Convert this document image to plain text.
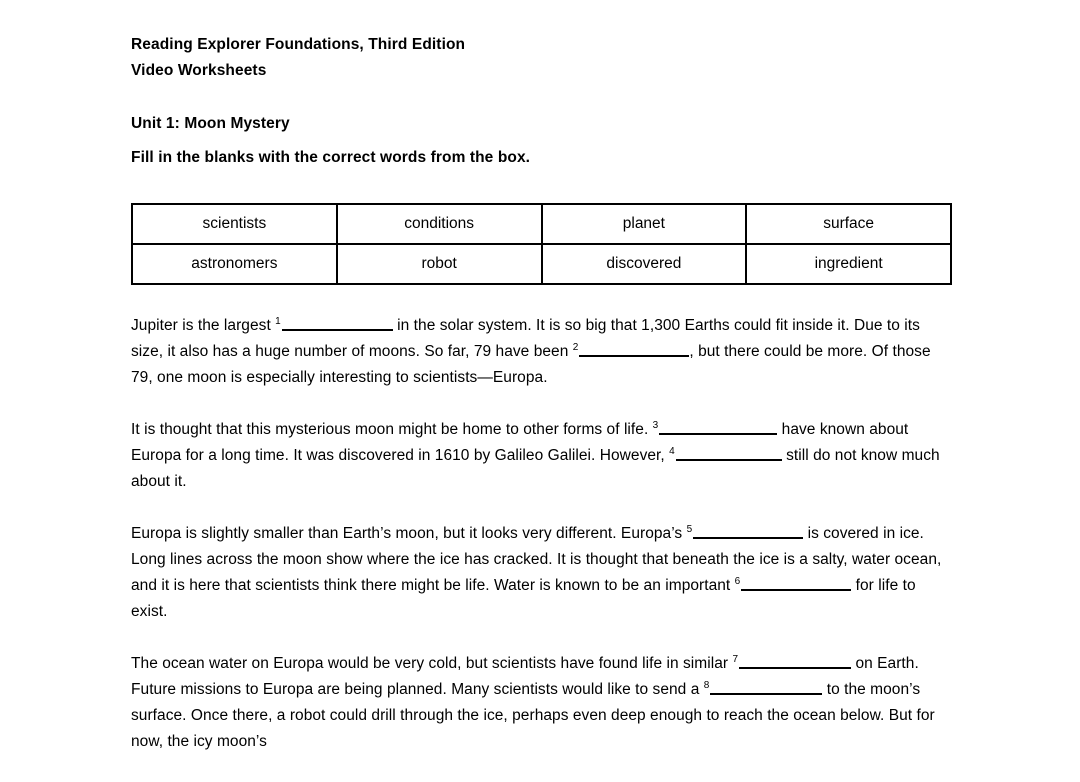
Reading Explorer Foundations, Third Edition
Video Worksheets
Unit 1: Moon Mystery
Fill in the blanks with the correct words from the box.
scientists	conditions	planet	surface
astronomers	robot	discovered	ingredient

Jupiter is the largest $^1$	in the solar system. It is so big that 1,300 Earths could fit inside it. Due to its size, it also has a huge number of moons. So far, 79 have been $^2$	, but there could be more. Of those 79, one moon is especially interesting to scientists—Europa.

It is thought that this mysterious moon might be home to other forms of life. $^3$	have known about Europa for a long time. It was discovered in 1610 by Galileo Galilei. However, $^4$	still do not know much about it.

Europa is slightly smaller than Earth’s moon, but it looks very different. Europa’s $^5$	is covered in ice. Long lines across the moon show where the ice has cracked. It is thought that beneath the ice is a salty, water ocean, and it is here that scientists think there might be life. Water is known to be an important $^6$	for life to exist.

The ocean water on Europa would be very cold, but scientists have found life in similar $^7$	on Earth. Future missions to Europa are being planned. Many scientists would like to send a $^8$	to the moon’s surface. Once there, a robot could drill through the ice, perhaps even deep enough to reach the ocean below. But for now, the icy moon’s
